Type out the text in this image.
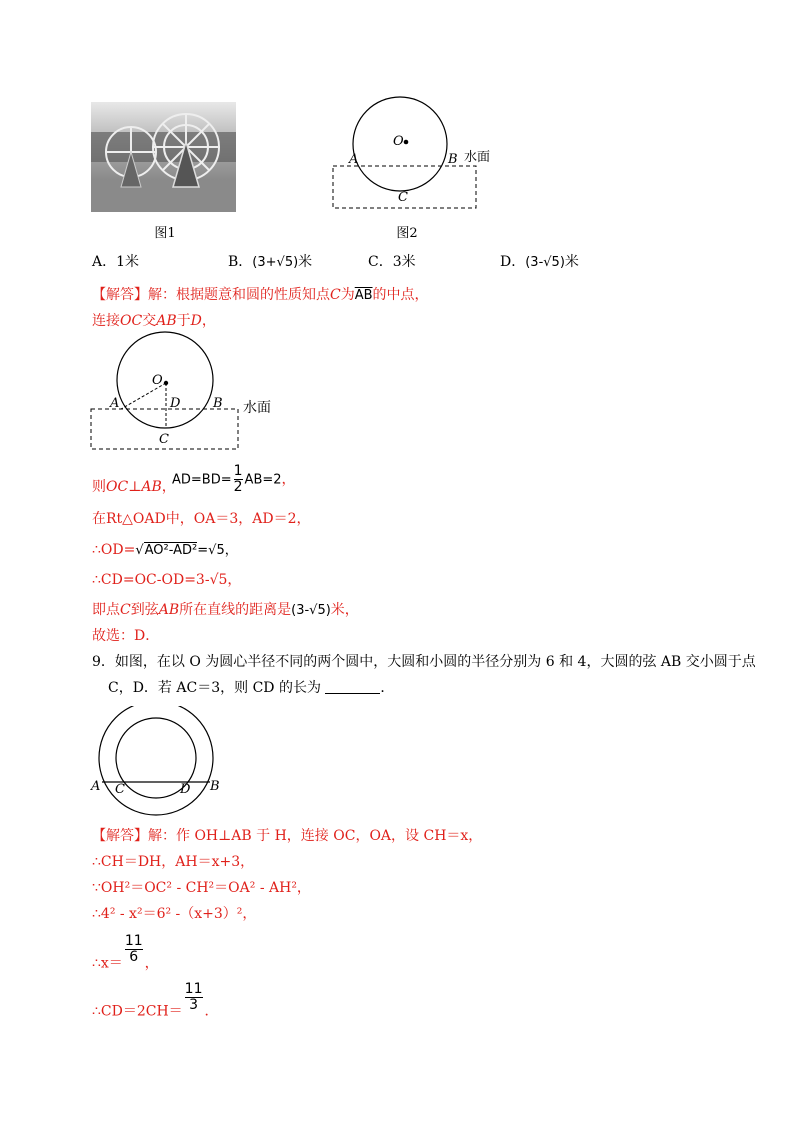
图1
O
A	B
C
水面
图2
A．1米	B．(3+√5)米	C．3米	D．(3-√5)米
【解答】解：根据题意和圆的性质知点C为$\overline{AB}$的中点，
连接OC交AB于D，
O
A	D	B
C
水面
则OC⊥AB，
$AD=BD= \frac{1}{2} AB=2$，
在Rt△OAD中，OA＝3，AD＝2，
∴OD=√AO²-AD²=√5，
∴CD=OC-OD=3-√5，
即点C到弦AB所在直线的距离是(3-√5)米，
故选：D．
9．如图，在以 O 为圆心半径不同的两个圆中，大圆和小圆的半径分别为 6 和 4，大圆的弦 AB 交小圆于点
C，D．若 AC＝3，则 CD 的长为	．
A C	D B
【解答】解：作 OH⊥AB 于 H，连接 OC，OA，设 CH＝x，
∴CH＝DH，AH＝x+3，
∵OH²＝OC² - CH²＝OA² - AH²，
∴4² - x²＝6² -（x+3）²，
∴x＝ $\frac{11}{6}$ ，
∴CD＝2CH＝ $\frac{11}{3}$ ．
